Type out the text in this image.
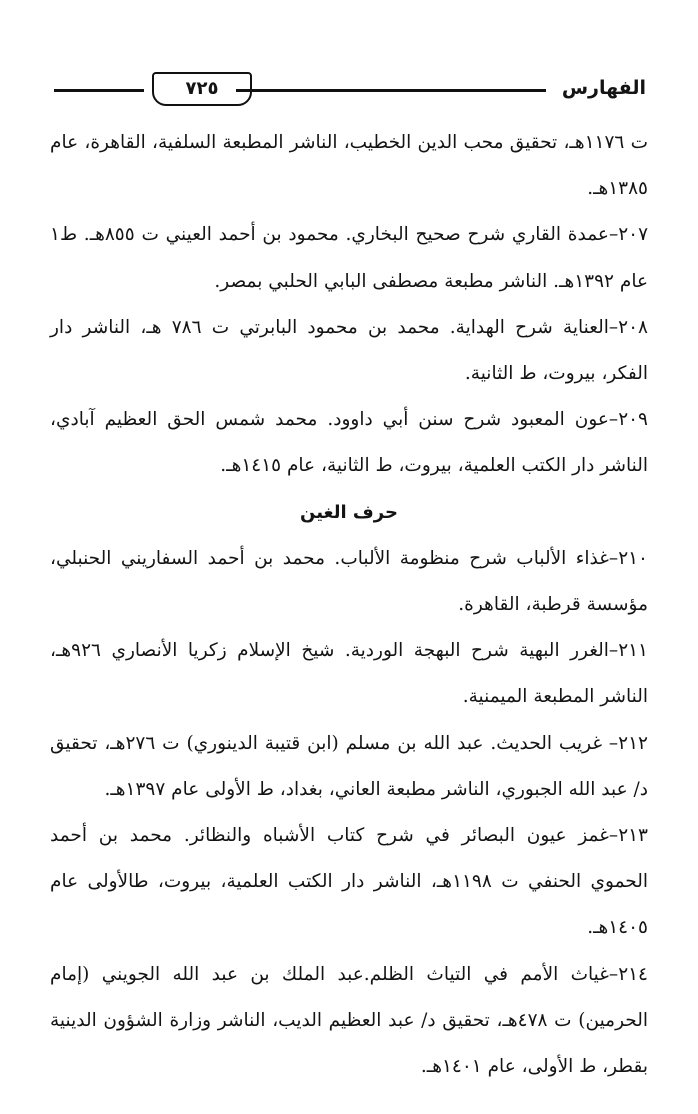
الفهارس
٧٢٥

ت ١١٧٦هـ، تحقيق محب الدين الخطيب، الناشر المطبعة السلفية، القاهرة، عام ١٣٨٥هـ.

٢٠٧–عمدة القاري شرح صحيح البخاري. محمود بن أحمد العيني ت ٨٥٥هـ. ط١ عام ١٣٩٢هـ. الناشر مطبعة مصطفى البابي الحلبي بمصر.

٢٠٨–العناية شرح الهداية. محمد بن محمود البابرتي ت ٧٨٦ هـ، الناشر دار الفكر، بيروت، ط الثانية.

٢٠٩–عون المعبود شرح سنن أبي داوود. محمد شمس الحق العظيم آبادي، الناشر دار الكتب العلمية، بيروت، ط الثانية، عام ١٤١٥هـ.

حرف الغين

٢١٠–غذاء الألباب شرح منظومة الألباب. محمد بن أحمد السفاريني الحنبلي، مؤسسة قرطبة، القاهرة.

٢١١–الغرر البهية شرح البهجة الوردية. شيخ الإسلام زكريا الأنصاري ٩٢٦هـ، الناشر المطبعة الميمنية.

٢١٢– غريب الحديث. عبد الله بن مسلم (ابن قتيبة الدينوري) ت ٢٧٦هـ، تحقيق د/ عبد الله الجبوري، الناشر مطبعة العاني، بغداد، ط الأولى عام ١٣٩٧هـ.

٢١٣–غمز عيون البصائر في شرح كتاب الأشباه والنظائر. محمد بن أحمد الحموي الحنفي ت ١١٩٨هـ، الناشر دار الكتب العلمية، بيروت، طالأولى عام ١٤٠٥هـ.

٢١٤–غياث الأمم في التياث الظلم.عبد الملك بن عبد الله الجويني (إمام الحرمين) ت ٤٧٨هـ، تحقيق د/ عبد العظيم الديب، الناشر وزارة الشؤون الدينية بقطر، ط الأولى، عام ١٤٠١هـ.
